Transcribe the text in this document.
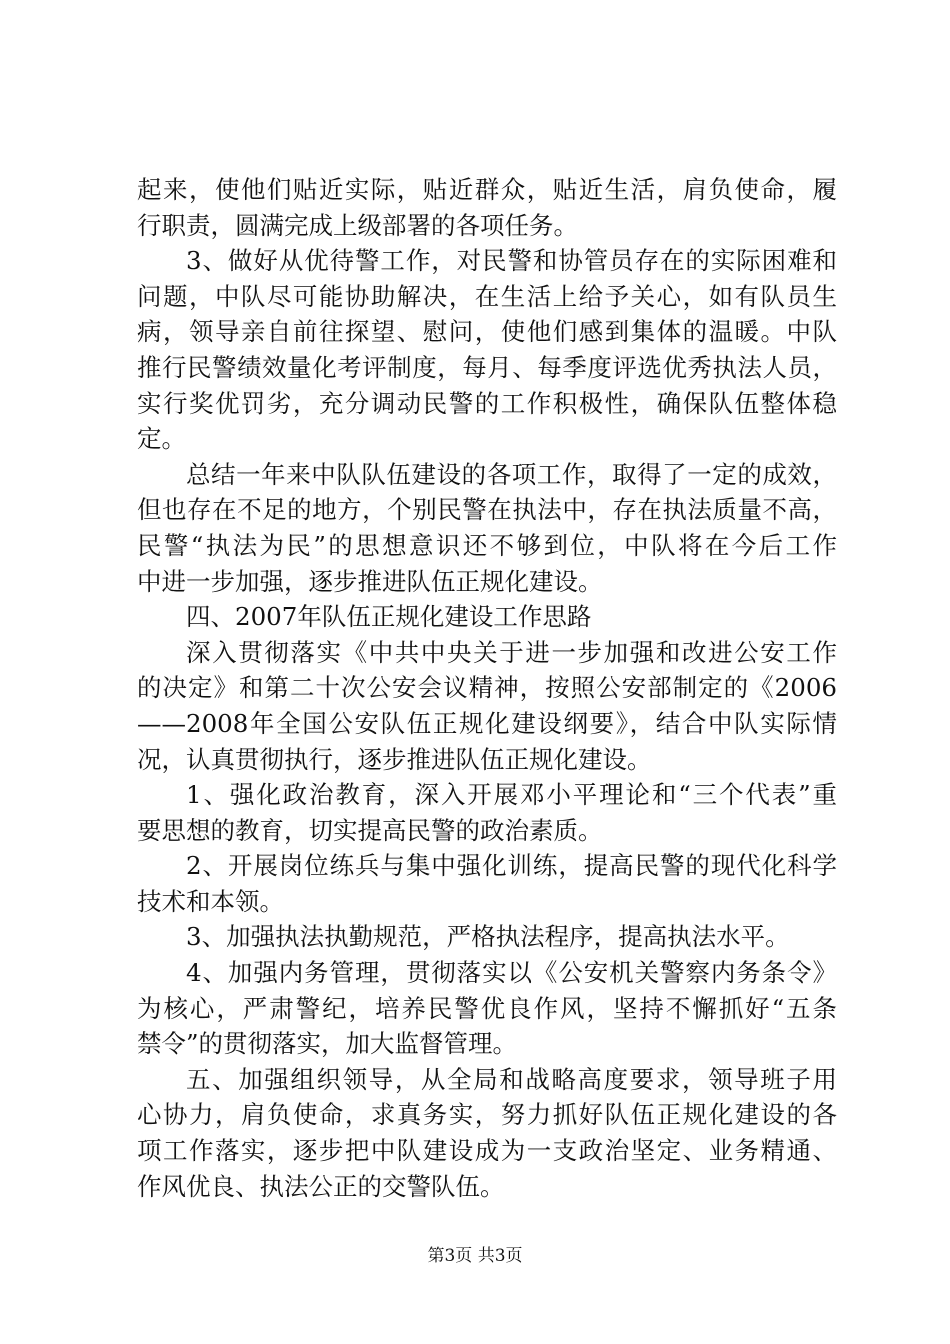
起来，使他们贴近实际，贴近群众，贴近生活，肩负使命，履
行职责，圆满完成上级部署的各项任务。
3、做好从优待警工作，对民警和协管员存在的实际困难和
问题，中队尽可能协助解决，在生活上给予关心，如有队员生
病，领导亲自前往探望、慰问，使他们感到集体的温暖。中队
推行民警绩效量化考评制度，每月、每季度评选优秀执法人员，
实行奖优罚劣，充分调动民警的工作积极性，确保队伍整体稳
定。
总结一年来中队队伍建设的各项工作，取得了一定的成效，
但也存在不足的地方，个别民警在执法中，存在执法质量不高，
民警“执法为民”的思想意识还不够到位，中队将在今后工作
中进一步加强，逐步推进队伍正规化建设。
四、2007年队伍正规化建设工作思路
深入贯彻落实《中共中央关于进一步加强和改进公安工作
的决定》和第二十次公安会议精神，按照公安部制定的《2006
——2008年全国公安队伍正规化建设纲要》，结合中队实际情
况，认真贯彻执行，逐步推进队伍正规化建设。
1、强化政治教育，深入开展邓小平理论和“三个代表”重
要思想的教育，切实提高民警的政治素质。
2、开展岗位练兵与集中强化训练，提高民警的现代化科学
技术和本领。
3、加强执法执勤规范，严格执法程序，提高执法水平。
4、加强内务管理，贯彻落实以《公安机关警察内务条令》
为核心，严肃警纪，培养民警优良作风，坚持不懈抓好“五条
禁令”的贯彻落实，加大监督管理。
五、加强组织领导，从全局和战略高度要求，领导班子用
心协力，肩负使命，求真务实，努力抓好队伍正规化建设的各
项工作落实，逐步把中队建设成为一支政治坚定、业务精通、
作风优良、执法公正的交警队伍。
第3页 共3页
